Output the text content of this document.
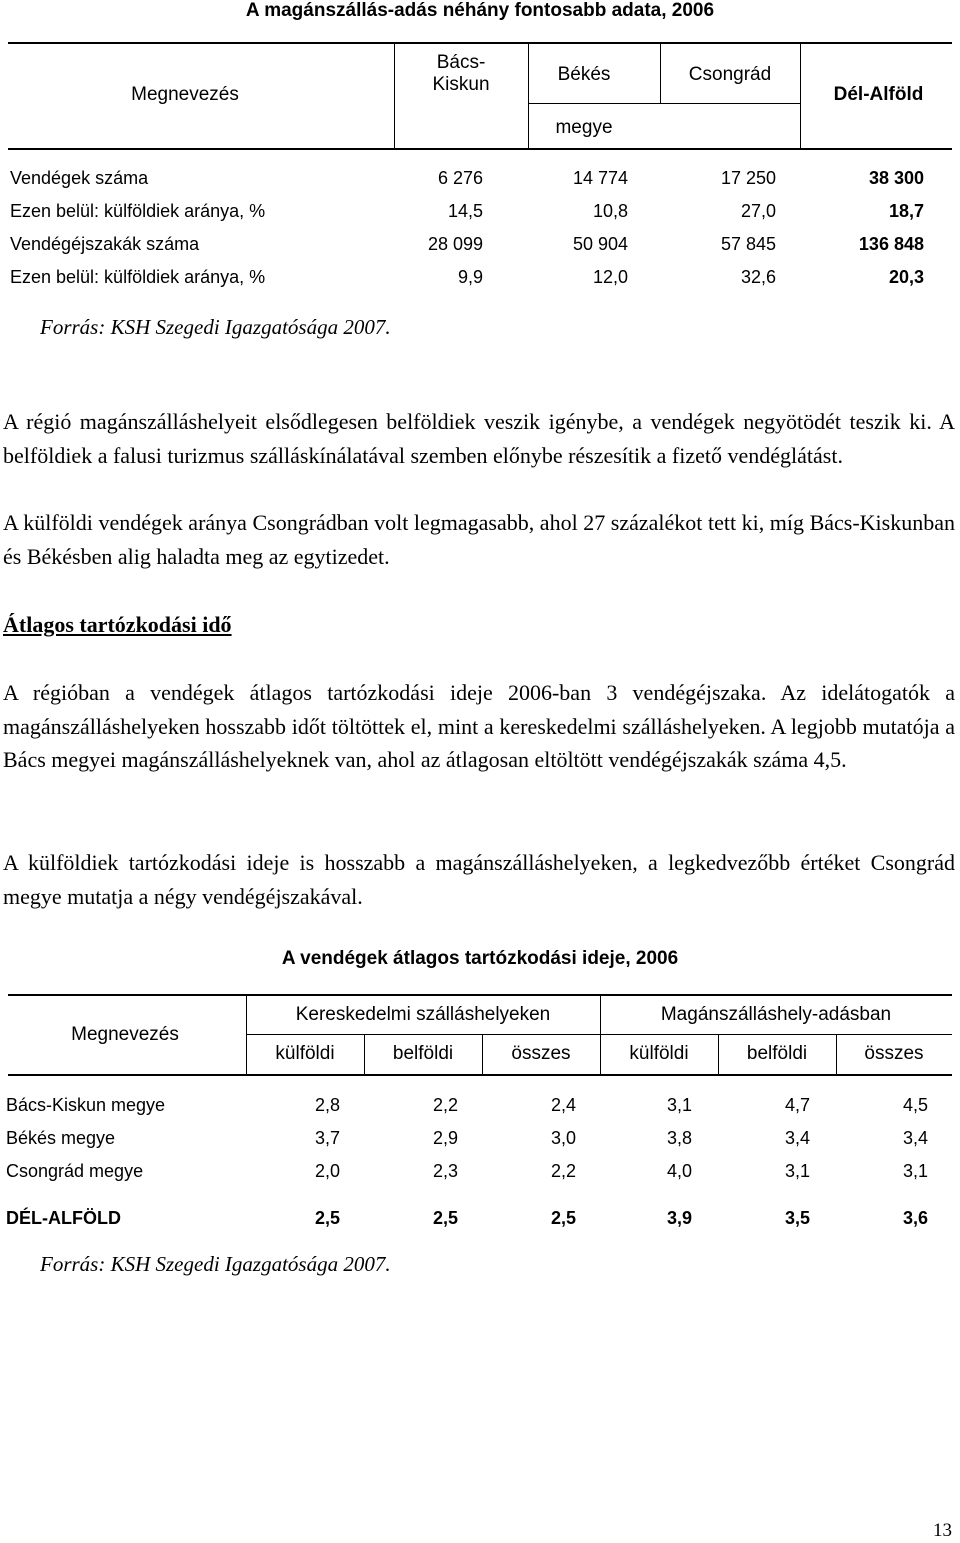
A magánszállás-adás néhány fontosabb adata, 2006
Megnevezés
Bács-
Kiskun	Békés	Csongrád
Dél-Alföld
megye
Vendégek száma	6 276	14 774	17 250	38 300
Ezen belül: külföldiek aránya, %	14,5	10,8	27,0	18,7
Vendégéjszakák száma	28 099	50 904	57 845	136 848
Ezen belül: külföldiek aránya, %	9,9	12,0	32,6	20,3
Forrás: KSH Szegedi Igazgatósága 2007.
A régió magánszálláshelyeit elsődlegesen belföldiek veszik igénybe, a vendégek negyötödét teszik ki. A belföldiek a falusi turizmus szálláskínálatával szemben előnybe részesítik a fizető vendéglátást.
A külföldi vendégek aránya Csongrádban volt legmagasabb, ahol 27 százalékot tett ki, míg Bács-Kiskunban és Békésben alig haladta meg az egytizedet.
Átlagos tartózkodási idő
A régióban a vendégek átlagos tartózkodási ideje 2006-ban 3 vendégéjszaka. Az idelátogatók a magánszálláshelyeken hosszabb időt töltöttek el, mint a kereskedelmi szálláshelyeken. A legjobb mutatója a Bács megyei magánszálláshelyeknek van, ahol az átlagosan eltöltött vendégéjszakák száma 4,5.
A külföldiek tartózkodási ideje is hosszabb a magánszálláshelyeken, a legkedvezőbb értéket Csongrád megye mutatja a négy vendégéjszakával.
A vendégek átlagos tartózkodási ideje, 2006
Megnevezés
Kereskedelmi szálláshelyeken	Magánszálláshely-adásban
külföldi	belföldi	összes	külföldi	belföldi	összes
Bács-Kiskun megye	2,8	2,2	2,4	3,1	4,7	4,5
Békés megye	3,7	2,9	3,0	3,8	3,4	3,4
Csongrád megye	2,0	2,3	2,2	4,0	3,1	3,1
DÉL-ALFÖLD	2,5	2,5	2,5	3,9	3,5	3,6
Forrás: KSH Szegedi Igazgatósága 2007.
13
